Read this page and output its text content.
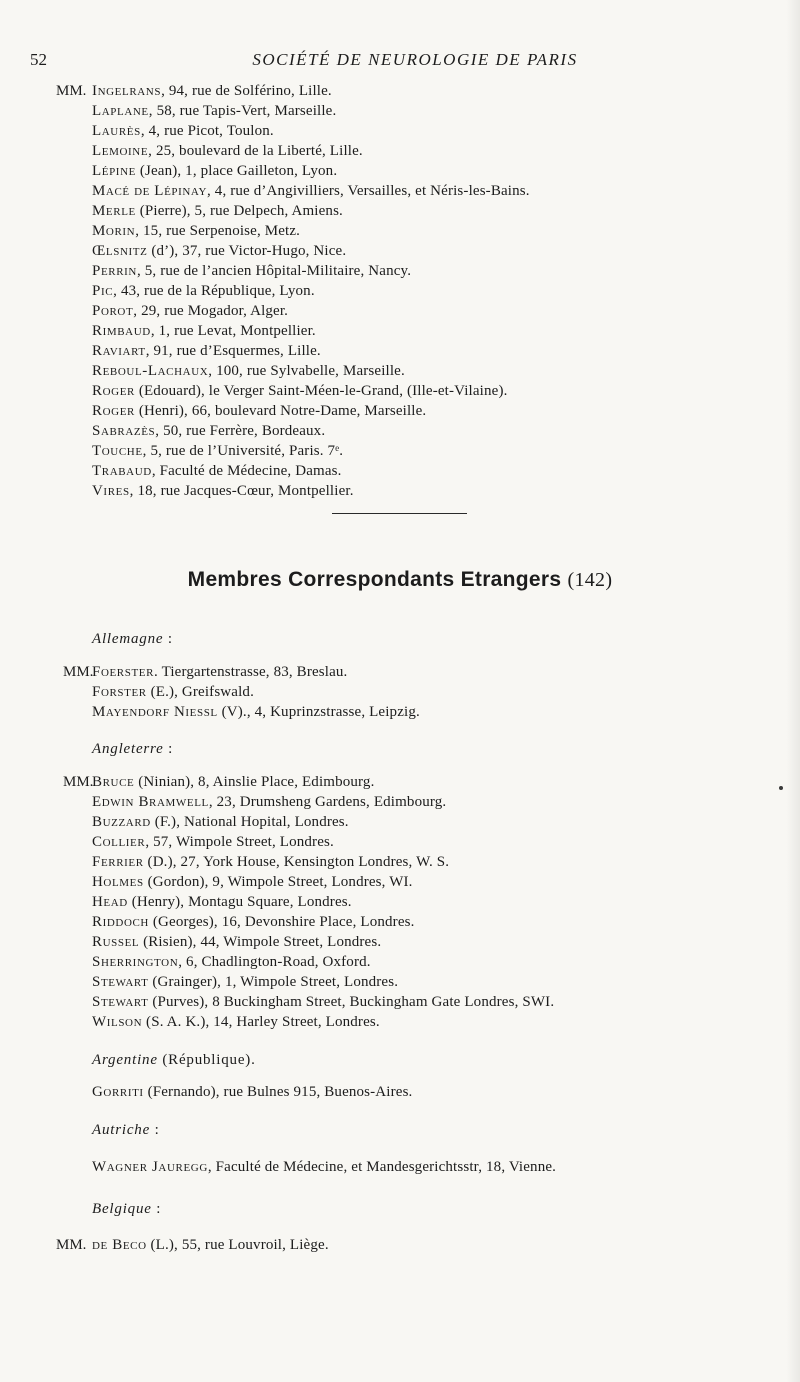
52	SOCIÉTÉ DE NEUROLOGIE DE PARIS
MM. Ingelrans, 94, rue de Solférino, Lille.
Laplane, 58, rue Tapis-Vert, Marseille.
Laurès, 4, rue Picot, Toulon.
Lemoine, 25, boulevard de la Liberté, Lille.
Lépine (Jean), 1, place Gailleton, Lyon.
Macé de Lépinay, 4, rue d’Angivilliers, Versailles, et Néris-les-Bains.
Merle (Pierre), 5, rue Delpech, Amiens.
Morin, 15, rue Serpenoise, Metz.
Œlsnitz (d’), 37, rue Victor-Hugo, Nice.
Perrin, 5, rue de l’ancien Hôpital-Militaire, Nancy.
Pic, 43, rue de la République, Lyon.
Porot, 29, rue Mogador, Alger.
Rimbaud, 1, rue Levat, Montpellier.
Raviart, 91, rue d’Esquermes, Lille.
Reboul-Lachaux, 100, rue Sylvabelle, Marseille.
Roger (Edouard), le Verger Saint-Méen-le-Grand, (Ille-et-Vilaine).
Roger (Henri), 66, boulevard Notre-Dame, Marseille.
Sabrazès, 50, rue Ferrère, Bordeaux.
Touche, 5, rue de l’Université, Paris. 7ᵉ.
Trabaud, Faculté de Médecine, Damas.
Vires, 18, rue Jacques-Cœur, Montpellier.
Membres Correspondants Etrangers (142)
Allemagne :
MM.
Foerster. Tiergartenstrasse, 83, Breslau.
Forster (E.), Greifswald.
Mayendorf Niessl (V)., 4, Kuprinzstrasse, Leipzig.
Angleterre :
MM.
Bruce (Ninian), 8, Ainslie Place, Edimbourg.
Edwin Bramwell, 23, Drumsheng Gardens, Edimbourg.
Buzzard (F.), National Hopital, Londres.
Collier, 57, Wimpole Street, Londres.
Ferrier (D.), 27, York House, Kensington Londres, W. S.
Holmes (Gordon), 9, Wimpole Street, Londres, WI.
Head (Henry), Montagu Square, Londres.
Riddoch (Georges), 16, Devonshire Place, Londres.
Russel (Risien), 44, Wimpole Street, Londres.
Sherrington, 6, Chadlington-Road, Oxford.
Stewart (Grainger), 1, Wimpole Street, Londres.
Stewart (Purves), 8 Buckingham Street, Buckingham Gate Londres, SWI.
Wilson (S. A. K.), 14, Harley Street, Londres.
Argentine (République).
Gorriti (Fernando), rue Bulnes 915, Buenos-Aires.
Autriche :
Wagner Jauregg, Faculté de Médecine, et Mandesgerichtsstr, 18, Vienne.
Belgique :
MM. de Beco (L.), 55, rue Louvroil, Liège.
